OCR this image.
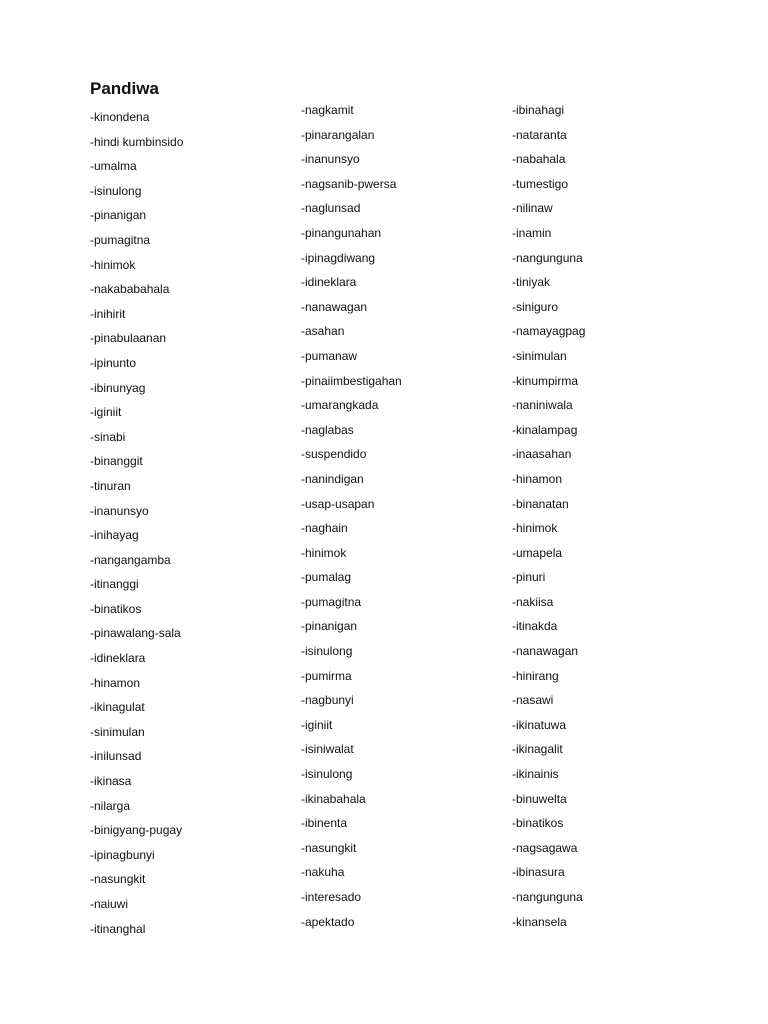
Pandiwa
-kinondena
-hindi kumbinsido
-umalma
-isinulong
-pinanigan
-pumagitna
-hinimok
-nakababahala
-inihirit
-pinabulaanan
-ipinunto
-ibinunyag
-iginiit
-sinabi
-binanggit
-tinuran
-inanunsyo
-inihayag
-nangangamba
-itinanggi
-binatikos
-pinawalang-sala
-idineklara
-hinamon
-ikinagulat
-sinimulan
-inilunsad
-ikinasa
-nilarga
-binigyang-pugay
-ipinagbunyi
-nasungkit
-naiuwi
-itinanghal
-nagkamit
-pinarangalan
-inanunsyo
-nagsanib-pwersa
-naglunsad
-pinangunahan
-ipinagdiwang
-idineklara
-nanawagan
-asahan
-pumanaw
-pinaiimbestigahan
-umarangkada
-naglabas
-suspendido
-nanindigan
-usap-usapan
-naghain
-hinimok
-pumalag
-pumagitna
-pinanigan
-isinulong
-pumirma
-nagbunyi
-iginiit
-isiniwalat
-isinulong
-ikinabahala
-ibinenta
-nasungkit
-nakuha
-interesado
-apektado
-ibinahagi
-nataranta
-nabahala
-tumestigo
-nilinaw
-inamin
-nangunguna
-tiniyak
-siniguro
-namayagpag
-sinimulan
-kinumpirma
-naniniwala
-kinalampag
-inaasahan
-hinamon
-binanatan
-hinimok
-umapela
-pinuri
-nakiisa
-itinakda
-nanawagan
-hinirang
-nasawi
-ikinatuwa
-ikinagalit
-ikinainis
-binuwelta
-binatikos
-nagsagawa
-ibinasura
-nangunguna
-kinansela
